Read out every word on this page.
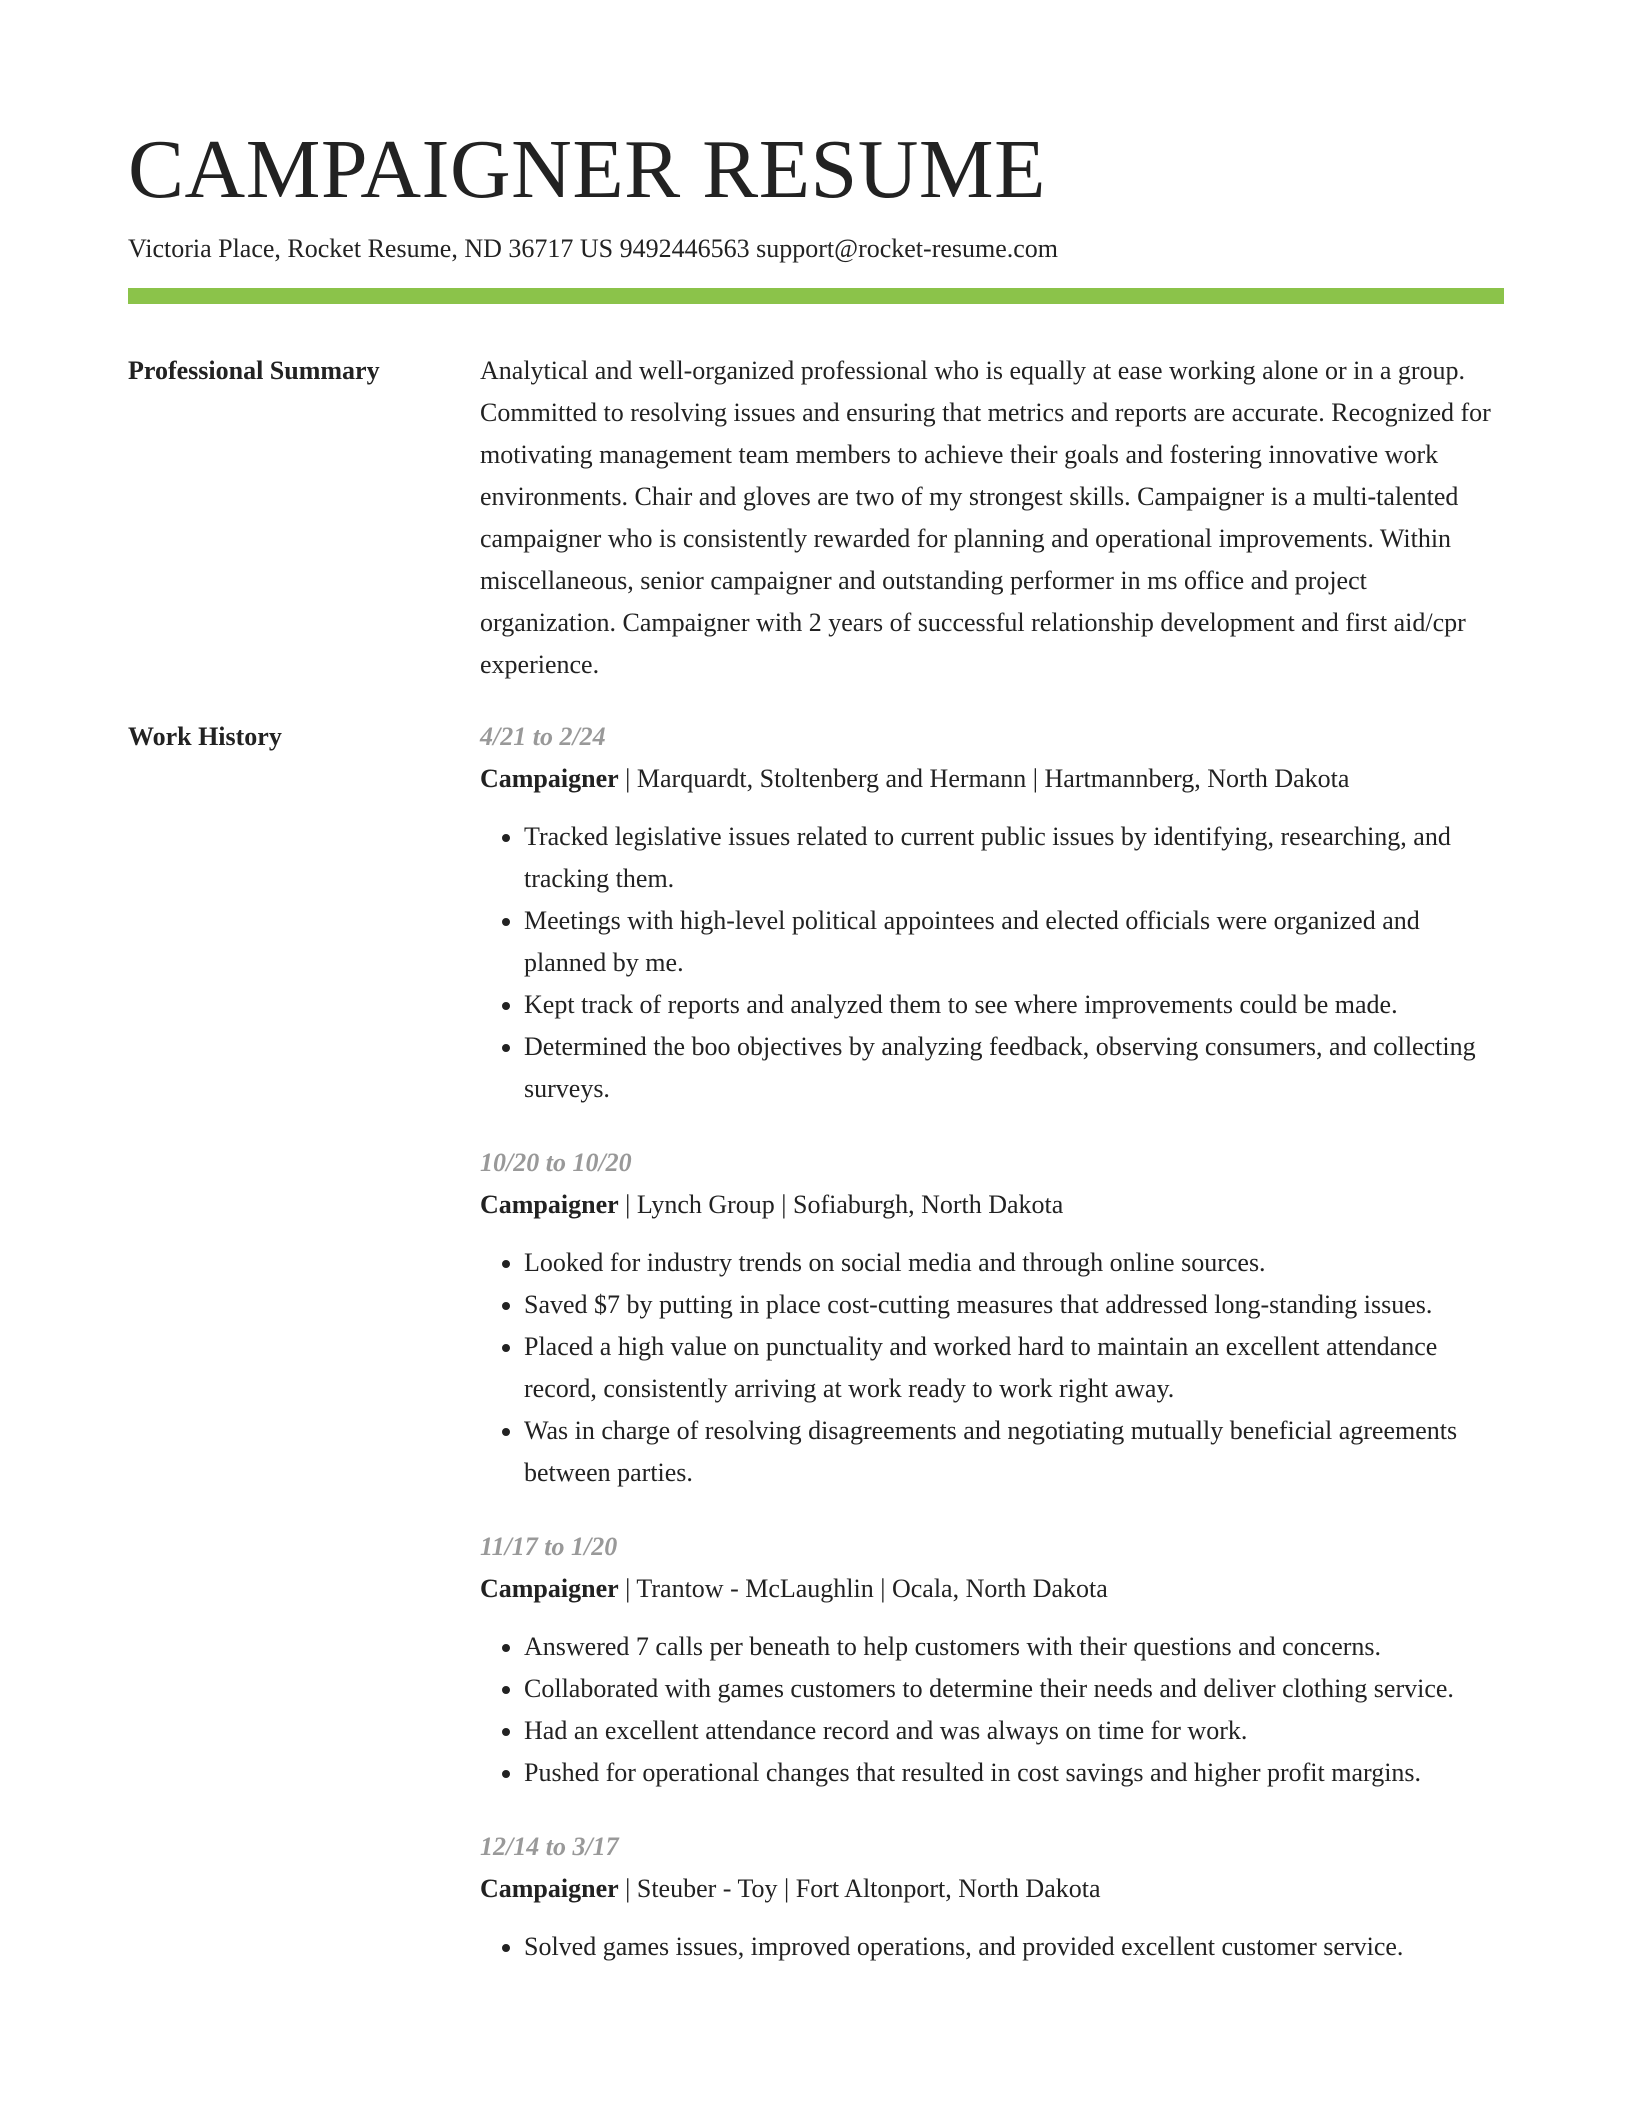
CAMPAIGNER RESUME
Victoria Place, Rocket Resume, ND 36717 US 9492446563 support@rocket-resume.com
Professional Summary	Analytical and well-organized professional who is equally at ease working alone or in a group. Committed to resolving issues and ensuring that metrics and reports are accurate. Recognized for motivating management team members to achieve their goals and fostering innovative work environments. Chair and gloves are two of my strongest skills. Campaigner is a multi-talented campaigner who is consistently rewarded for planning and operational improvements. Within miscellaneous, senior campaigner and outstanding performer in ms office and project organization. Campaigner with 2 years of successful relationship development and first aid/cpr experience.

Work History	4/21 to 2/24
Campaigner | Marquardt, Stoltenberg and Hermann | Hartmannberg, North Dakota
• Tracked legislative issues related to current public issues by identifying, researching, and tracking them.
• Meetings with high-level political appointees and elected officials were organized and planned by me.
• Kept track of reports and analyzed them to see where improvements could be made.
• Determined the boo objectives by analyzing feedback, observing consumers, and collecting surveys.
10/20 to 10/20
Campaigner | Lynch Group | Sofiaburgh, North Dakota
• Looked for industry trends on social media and through online sources.
• Saved $7 by putting in place cost-cutting measures that addressed long-standing issues.
• Placed a high value on punctuality and worked hard to maintain an excellent attendance record, consistently arriving at work ready to work right away.
• Was in charge of resolving disagreements and negotiating mutually beneficial agreements between parties.
11/17 to 1/20
Campaigner | Trantow - McLaughlin | Ocala, North Dakota
• Answered 7 calls per beneath to help customers with their questions and concerns.
• Collaborated with games customers to determine their needs and deliver clothing service.
• Had an excellent attendance record and was always on time for work.
• Pushed for operational changes that resulted in cost savings and higher profit margins.
12/14 to 3/17
Campaigner | Steuber - Toy | Fort Altonport, North Dakota
• Solved games issues, improved operations, and provided excellent customer service.
